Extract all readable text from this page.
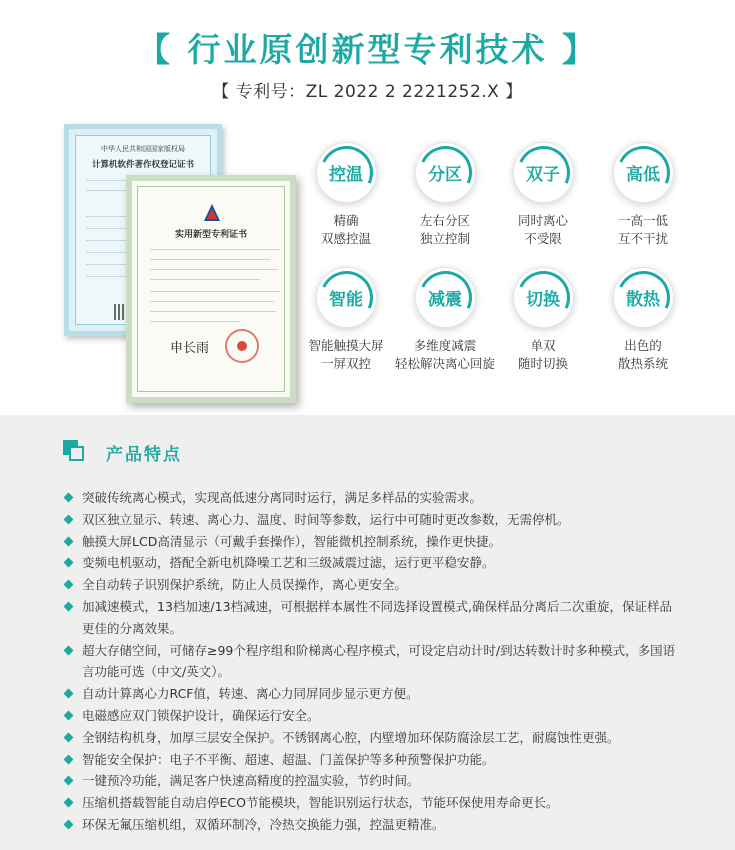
【 行业原创新型专利技术 】
【 专利号：ZL 2022 2 2221252.X 】
中华人民共和国国家版权局
计算机软件著作权登记证书
实用新型专利证书
申长雨
控温
精确
双感控温
分区
左右分区
独立控制
双子
同时离心
不受限
高低
一高一低
互不干扰
智能
智能触摸大屏
一屏双控
减震
多维度减震
轻松解决离心回旋
切换
单双
随时切换
散热
出色的
散热系统
产品特点
突破传统离心模式，实现高低速分离同时运行，满足多样品的实验需求。
双区独立显示、转速、离心力、温度、时间等参数，运行中可随时更改参数，无需停机。
触摸大屏LCD高清显示（可戴手套操作），智能微机控制系统，操作更快捷。
变频电机驱动，搭配全新电机降噪工艺和三级减震过滤，运行更平稳安静。
全自动转子识别保护系统，防止人员误操作，离心更安全。
加减速模式，13档加速/13档减速，可根据样本属性不同选择设置模式,确保样品分离后二次重旋，保证样品更佳的分离效果。
超大存储空间，可储存≥99个程序组和阶梯离心程序模式，可设定启动计时/到达转数计时多种模式，多国语言功能可选（中文/英文）。
自动计算离心力RCF值，转速、离心力同屏同步显示更方便。
电磁感应双门锁保护设计，确保运行安全。
全钢结构机身，加厚三层安全保护。不锈钢离心腔，内壁增加环保防腐涂层工艺，耐腐蚀性更强。
智能安全保护：电子不平衡、超速、超温、门盖保护等多种预警保护功能。
一键预冷功能，满足客户快速高精度的控温实验，节约时间。
压缩机搭载智能自动启停ECO节能模块，智能识别运行状态，节能环保使用寿命更长。
环保无氟压缩机组，双循环制冷，冷热交换能力强，控温更精准。
